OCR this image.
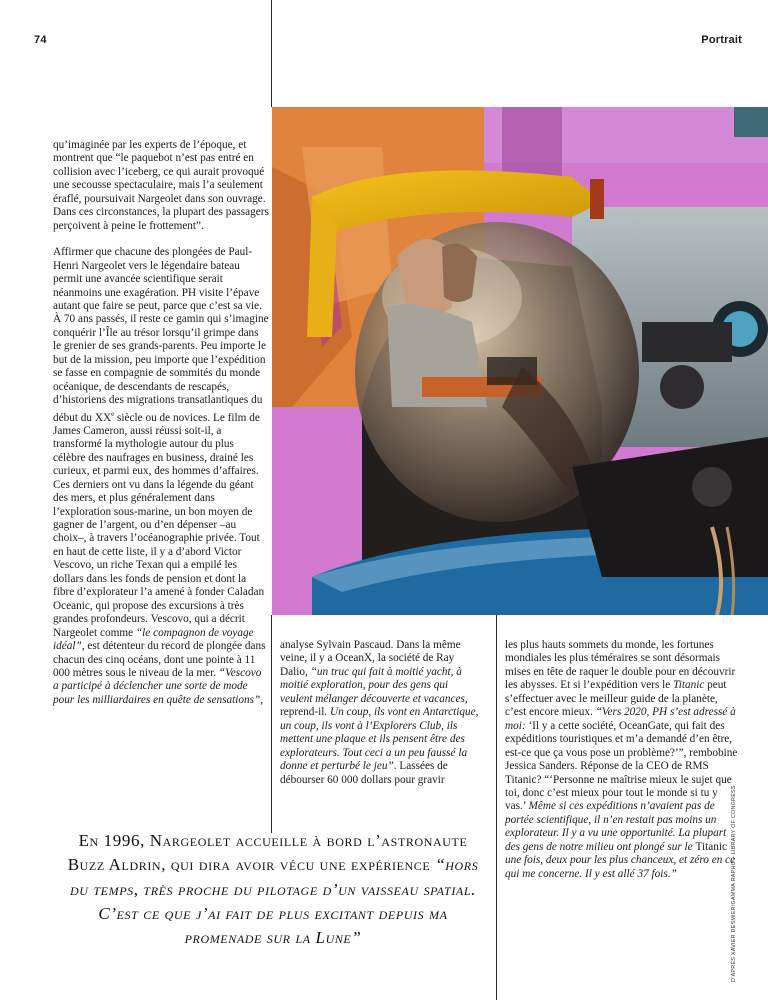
74	Portrait

qu’imaginée par les experts de l’époque, et montrent que “le paquebot n’est pas entré en collision avec l’iceberg, ce qui aurait provoqué une secousse spectaculaire, mais l’a seulement éraflé, poursuivait Nargeolet dans son ouvrage. Dans ces circonstances, la plupart des passagers perçoivent à peine le frottement”.

Affirmer que chacune des plongées de Paul-Henri Nargeolet vers le légendaire bateau permit une avancée scientifique serait néanmoins une exagération. PH visite l’épave autant que faire se peut, parce que c’est sa vie. À 70 ans passés, il reste ce gamin qui s’imagine conquérir l’Île au trésor lorsqu’il grimpe dans le grenier de ses grands-parents. Peu importe le but de la mission, peu importe que l’expédition se fasse en compagnie de sommités du monde océanique, de descendants de rescapés, d’historiens des migrations transatlantiques du début du XXe siècle ou de novices. Le film de James Cameron, aussi réussi soit-il, a transformé la mythologie autour du plus célèbre des naufrages en business, drainé les curieux, et parmi eux, des hommes d’affaires. Ces derniers ont vu dans la légende du géant des mers, et plus généralement dans l’exploration sous-marine, un bon moyen de gagner de l’argent, ou d’en dépenser –au choix–, à travers l’océanographie privée. Tout en haut de cette liste, il y a d’abord Victor Vescovo, un riche Texan qui a empilé les dollars dans les fonds de pension et dont la fibre d’explorateur l’a amené à fonder Caladan Oceanic, qui propose des excursions à très grandes profondeurs. Vescovo, qui a décrit Nargeolet comme “le compagnon de voyage idéal”, est détenteur du record de plongée dans chacun des cinq océans, dont une pointe à 11 000 mètres sous le niveau de la mer. “Vescovo a participé à déclencher une sorte de mode pour les milliardaires en quête de sensations”,

analyse Sylvain Pascaud. Dans la même veine, il y a OceanX, la société de Ray Dalio, “un truc qui fait à moitié yacht, à moitié exploration, pour des gens qui veulent mélanger découverte et vacances, reprend-il. Un coup, ils vont en Antarctique, un coup, ils vont à l’Explorers Club, ils mettent une plaque et ils pensent être des explorateurs. Tout ceci a un peu faussé la donne et perturbé le jeu”. Lassées de débourser 60 000 dollars pour gravir

les plus hauts sommets du monde, les fortunes mondiales les plus téméraires se sont désormais mises en tête de raquer le double pour en découvrir les abysses. Et si l’expédition vers le Titanic peut s’effectuer avec le meilleur guide de la planète, c’est encore mieux. “Vers 2020, PH s’est adressé à moi: ‘Il y a cette société, OceanGate, qui fait des expéditions touristiques et m’a demandé d’en être, est-ce que ça vous pose un problème?’”, rembobine Jessica Sanders. Réponse de la CEO de RMS Titanic? “‘Personne ne maîtrise mieux le sujet que toi, donc c’est mieux pour tout le monde si tu y vas.’ Même si ces expéditions n’avaient pas de portée scientifique, il n’en restait pas moins un explorateur. Il y a vu une opportunité. La plupart des gens de notre milieu ont plongé sur le Titanic une fois, deux pour les plus chanceux, et zéro en ce qui me concerne. Il y est allé 37 fois.”	D’APRÈS XAVIER DESMIER/GAMMA RAPHO – LIBRARY OF CONGRESS
En 1996, Nargeolet accueille à bord l’astronaute Buzz Aldrin, qui dira avoir vécu une expérience “hors du temps, très proche du pilotage d’un vaisseau spatial. C’est ce que j’ai fait de plus excitant depuis ma promenade sur la Lune”
